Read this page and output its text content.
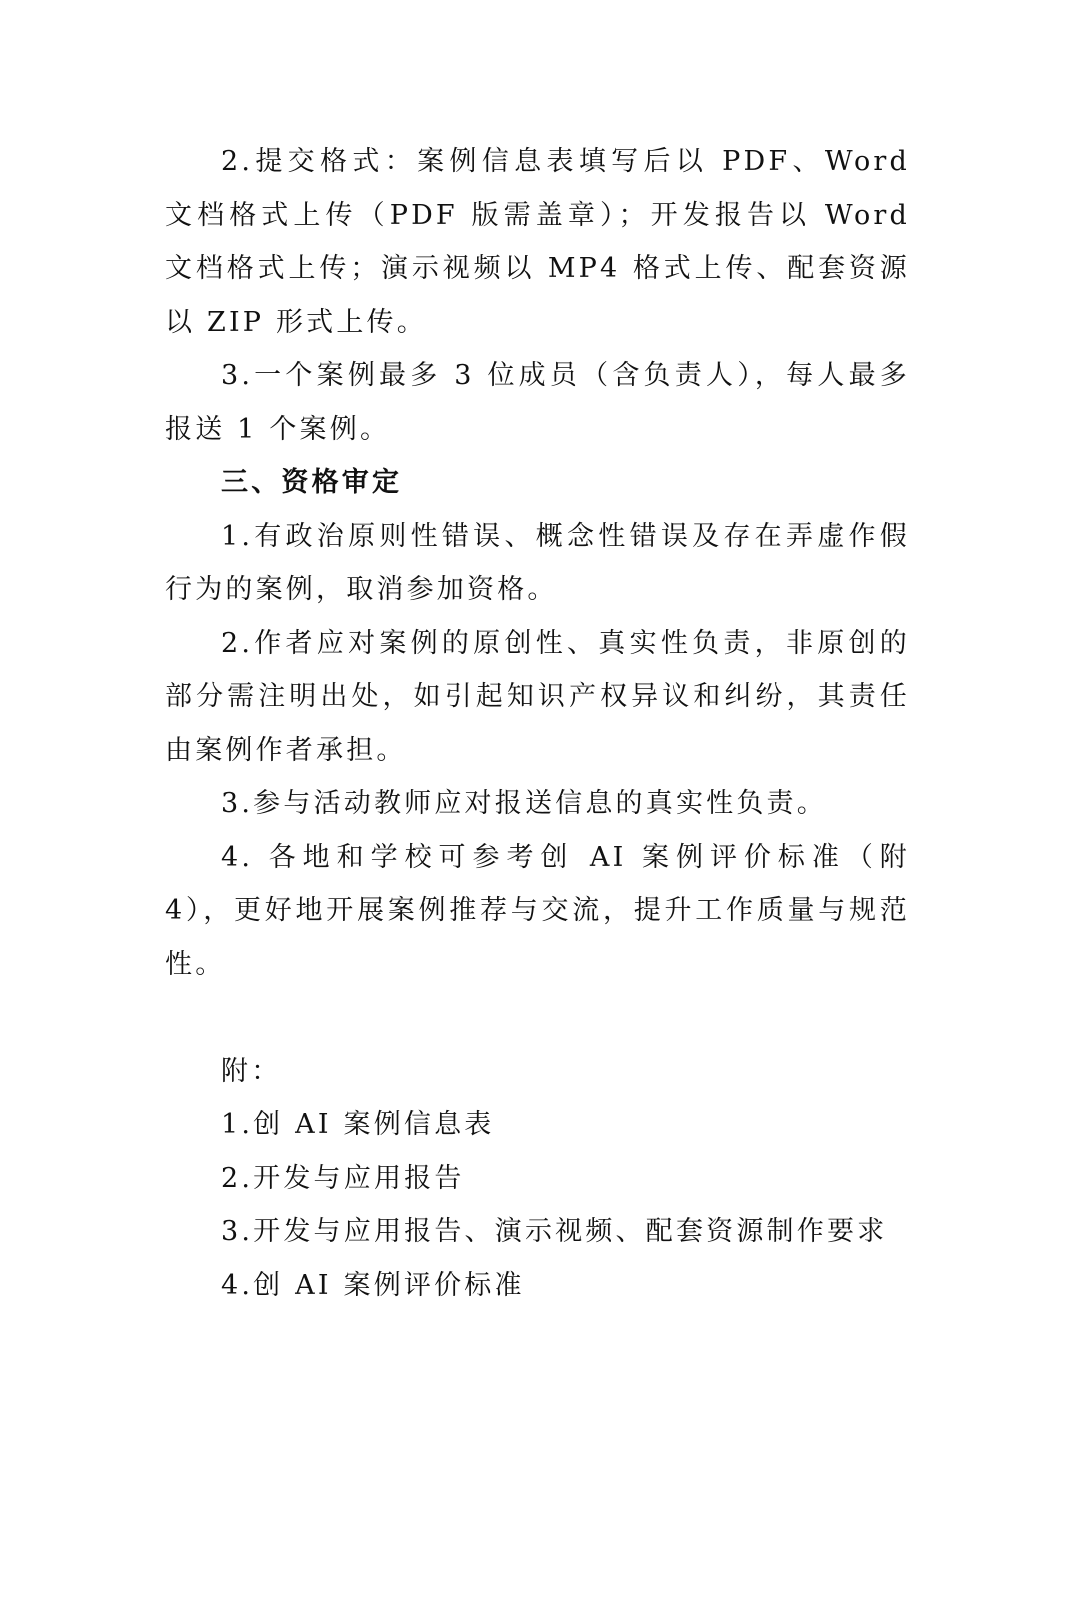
2.提交格式：案例信息表填写后以 PDF、Word 文档格式上传（PDF 版需盖章）；开发报告以 Word 文档格式上传；演示视频以 MP4 格式上传、配套资源以 ZIP 形式上传。

3.一个案例最多 3 位成员（含负责人），每人最多报送 1 个案例。

三、资格审定

1.有政治原则性错误、概念性错误及存在弄虚作假行为的案例，取消参加资格。

2.作者应对案例的原创性、真实性负责，非原创的部分需注明出处，如引起知识产权异议和纠纷，其责任由案例作者承担。

3.参与活动教师应对报送信息的真实性负责。

4. 各地和学校可参考创 AI 案例评价标准（附 4），更好地开展案例推荐与交流，提升工作质量与规范性。

附：

1.创 AI 案例信息表

2.开发与应用报告

3.开发与应用报告、演示视频、配套资源制作要求

4.创 AI 案例评价标准
